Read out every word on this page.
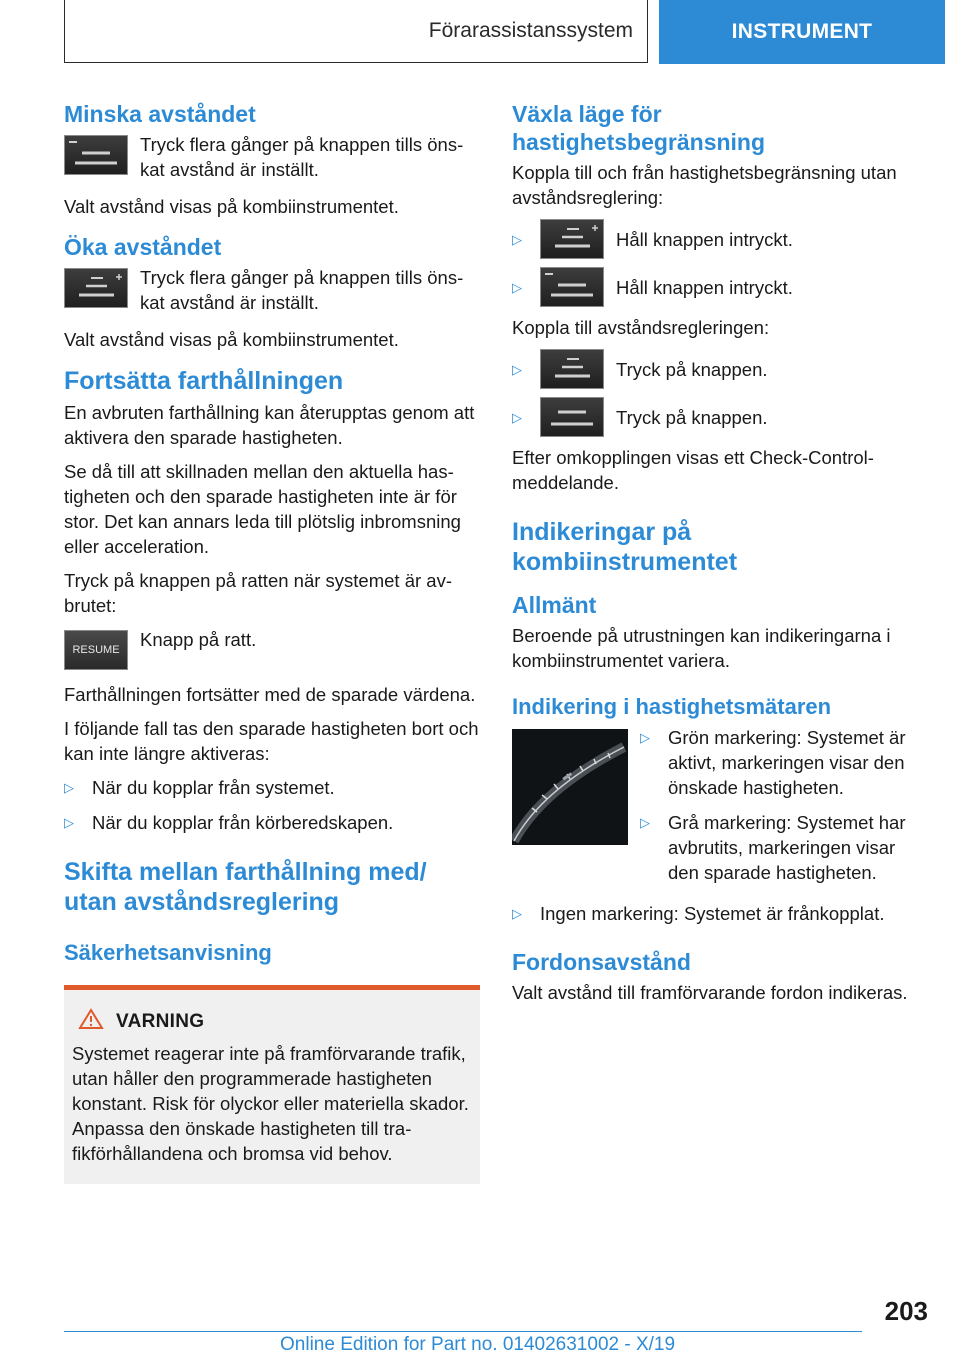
Förarassistanssystem	INSTRUMENT
Minska avståndet
Tryck flera gånger på knappen tills önskat avstånd är inställt.

Valt avstånd visas på kombiinstrumentet.

Öka avståndet
Tryck flera gånger på knappen tills önskat avstånd är inställt.

Valt avstånd visas på kombiinstrumentet.

Fortsätta farthållningen

En avbruten farthållning kan återupptas genom att aktivera den sparade hastigheten.

Se då till att skillnaden mellan den aktuella hastigheten och den sparade hastigheten inte är för stor. Det kan annars leda till plötslig inbromsning eller acceleration.

Tryck på knappen på ratten när systemet är avbrutet:

RESUME	Knapp på ratt.

Farthållningen fortsätter med de sparade värdena.

I följande fall tas den sparade hastigheten bort och kan inte längre aktiveras:

▷ När du kopplar från systemet.
▷ När du kopplar från körberedskapen.
Skifta mellan farthållning med/ utan avståndsreglering
Säkerhetsanvisning
VARNING

Systemet reagerar inte på framförvarande trafik, utan håller den programmerade hastigheten konstant. Risk för olyckor eller materiella skador. Anpassa den önskade hastigheten till trafikförhållandena och bromsa vid behov.

Växla läge för hastighetsbegränsning

Koppla till och från hastighetsbegränsning utan avståndsreglering:

▷	Håll knappen intryckt.
▷	Håll knappen intryckt.

Koppla till avståndsregleringen:

▷	Tryck på knappen.
▷	Tryck på knappen.

Efter omkopplingen visas ett Check-Control-meddelande.

Indikeringar på kombiinstrumentet
Allmänt

Beroende på utrustningen kan indikeringarna i kombiinstrumentet variera.

Indikering i hastighetsmätaren
▷ Grön markering: Systemet är aktivt, markeringen visar den önskade hastigheten.
▷ Grå markering: Systemet har avbrutits, markeringen visar den sparade hastigheten.
▷ Ingen markering: Systemet är frånkopplat.
Fordonsavstånd

Valt avstånd till framförvarande fordon indikeras.

203
Online Edition for Part no. 01402631002 - X/19
